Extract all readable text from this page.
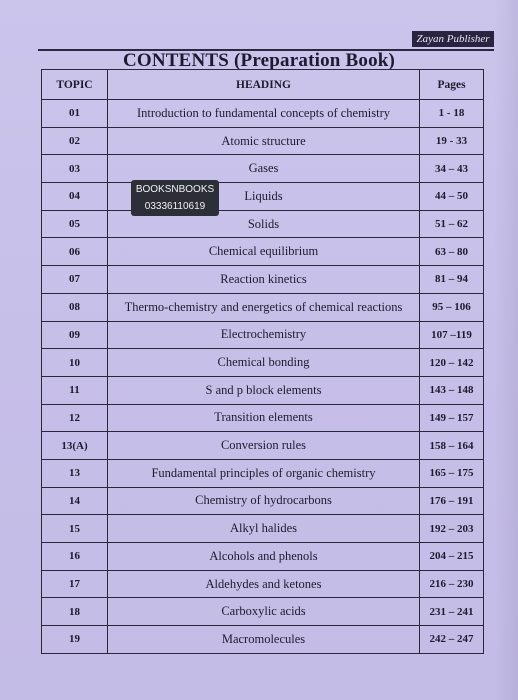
Zayan Publisher
CONTENTS (Preparation Book)
TOPIC	HEADING	Pages
01	Introduction to fundamental concepts of chemistry	1 - 18
02	Atomic structure	19 - 33
03	Gases	34 – 43
04	Liquids	44 – 50
05	Solids	51 – 62
06	Chemical equilibrium	63 – 80
07	Reaction kinetics	81 – 94
08	Thermo-chemistry and energetics of chemical reactions	95 – 106
09	Electrochemistry	107 –119
10	Chemical bonding	120 – 142
11	S and p block elements	143 – 148
12	Transition elements	149 – 157
13(A)	Conversion rules	158 – 164
13	Fundamental principles of organic chemistry	165 – 175
14	Chemistry of hydrocarbons	176 – 191
15	Alkyl halides	192 – 203
16	Alcohols and phenols	204 – 215
17	Aldehydes and ketones	216 – 230
18	Carboxylic acids	231 – 241
19	Macromolecules	242 – 247
BOOKSNBOOKS
03336110619
